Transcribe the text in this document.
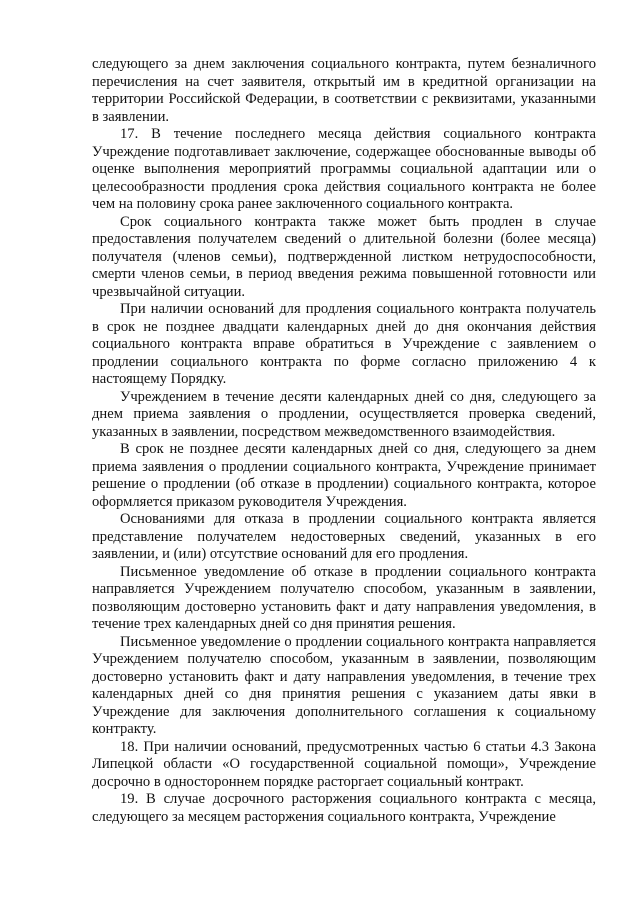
следующего за днем заключения социального контракта, путем безналичного перечисления на счет заявителя, открытый им в кредитной организации на территории Российской Федерации, в соответствии с реквизитами, указанными в заявлении.

17. В течение последнего месяца действия социального контракта Учреждение подготавливает заключение, содержащее обоснованные выводы об оценке выполнения мероприятий программы социальной адаптации или о целесообразности продления срока действия социального контракта не более чем на половину срока ранее заключенного социального контракта.

Срок социального контракта также может быть продлен в случае предоставления получателем сведений о длительной болезни (более месяца) получателя (членов семьи), подтвержденной листком нетрудоспособности, смерти членов семьи, в период введения режима повышенной готовности или чрезвычайной ситуации.

При наличии оснований для продления социального контракта получатель в срок не позднее двадцати календарных дней до дня окончания действия социального контракта вправе обратиться в Учреждение с заявлением о продлении социального контракта по форме согласно приложению 4 к настоящему Порядку.

Учреждением в течение десяти календарных дней со дня, следующего за днем приема заявления о продлении, осуществляется проверка сведений, указанных в заявлении, посредством межведомственного взаимодействия.

В срок не позднее десяти календарных дней со дня, следующего за днем приема заявления о продлении социального контракта, Учреждение принимает решение о продлении (об отказе в продлении) социального контракта, которое оформляется приказом руководителя Учреждения.

Основаниями для отказа в продлении социального контракта является представление получателем недостоверных сведений, указанных в его заявлении, и (или) отсутствие оснований для его продления.

Письменное уведомление об отказе в продлении социального контракта направляется Учреждением получателю способом, указанным в заявлении, позволяющим достоверно установить факт и дату направления уведомления, в течение трех календарных дней со дня принятия решения.

Письменное уведомление о продлении социального контракта направляется Учреждением получателю способом, указанным в заявлении, позволяющим достоверно установить факт и дату направления уведомления, в течение трех календарных дней со дня принятия решения с указанием даты явки в Учреждение для заключения дополнительного соглашения к социальному контракту.

18. При наличии оснований, предусмотренных частью 6 статьи 4.3 Закона Липецкой области «О государственной социальной помощи», Учреждение досрочно в одностороннем порядке расторгает социальный контракт.

19. В случае досрочного расторжения социального контракта с месяца, следующего за месяцем расторжения социального контракта, Учреждение
